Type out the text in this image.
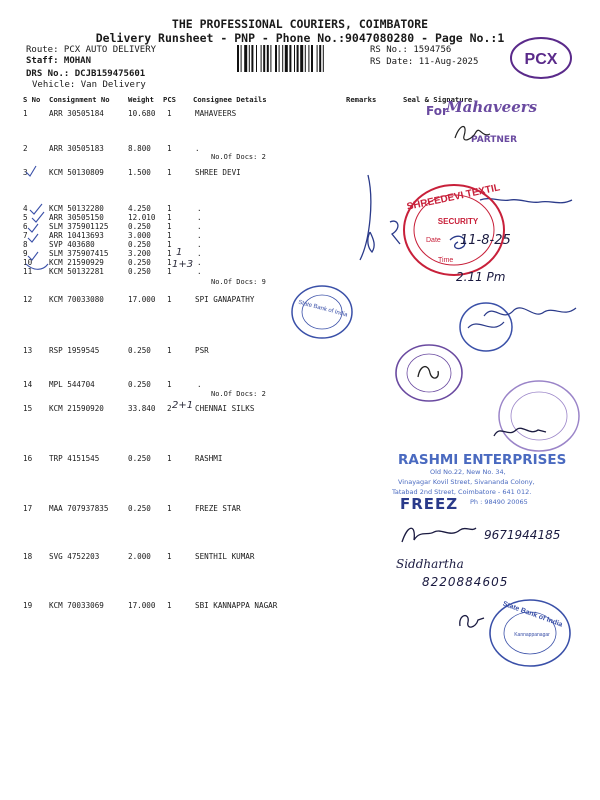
THE PROFESSIONAL COURIERS, COIMBATORE
Delivery Runsheet - PNP - Phone No.:9047080280 - Page No.:1
Route: PCX AUTO DELIVERY
Staff: MOHAN
DRS No.: DCJB159475601
Vehicle: Van Delivery
RS No.: 1594756
RS Date: 11-Aug-2025	PCX
S No Consignment No	Weight PCS Consignee Details	Remarks	Seal & Signature
1	ARR 30505184	10.680 1	MAHAVEERS
2	ARR 30505183	8.800 1	.
No.Of Docs: 2
3	KCM 50130809	1.500 1	SHREE DEVI
4	KCM 50132280	4.250 1	.
5	ARR 30505150	12.010 1	.
6	SLM 375901125	0.250 1	.
7	ARR 10413693	3.000 1	.
8	SVP 403680	0.250 1	.
9	SLM 375907415	3.200 1	.
10 KCM 21590929	0.250 1	.
11 KCM 50132281	0.250 1	.
No.Of Docs: 9
12 KCM 70033080	17.000 1	SPI GANAPATHY
13 RSP 1959545	0.250 1	PSR
14 MPL 544704	0.250 1	.
No.Of Docs: 2
15 KCM 21590920	33.840 2	CHENNAI SILKS
16 TRP 4151545	0.250 1	RASHMI
17 MAA 707937835	0.250 1	FREZE STAR
18 SVG 4752203	2.000 1	SENTHIL KUMAR
19 KCM 70033069	17.000 1	SBI KANNAPPA NAGAR
2+1
1
1+3
For
Mahaveers
PARTNER
SHREEDEVI TEXTIL
SECURITY
Date
Time
11-8-25
2.11 Pm
State Bank of India
RASHMI ENTERPRISES
Old No.22, New No. 34,
Vinayagar Kovil Street, Sivananda Colony,
Tatabad 2nd Street, Coimbatore - 641 012.
Ph : 98490 20065
FREEZ
9671944185
Siddhartha
8220884605
State Bank of India
Kannappanagar
